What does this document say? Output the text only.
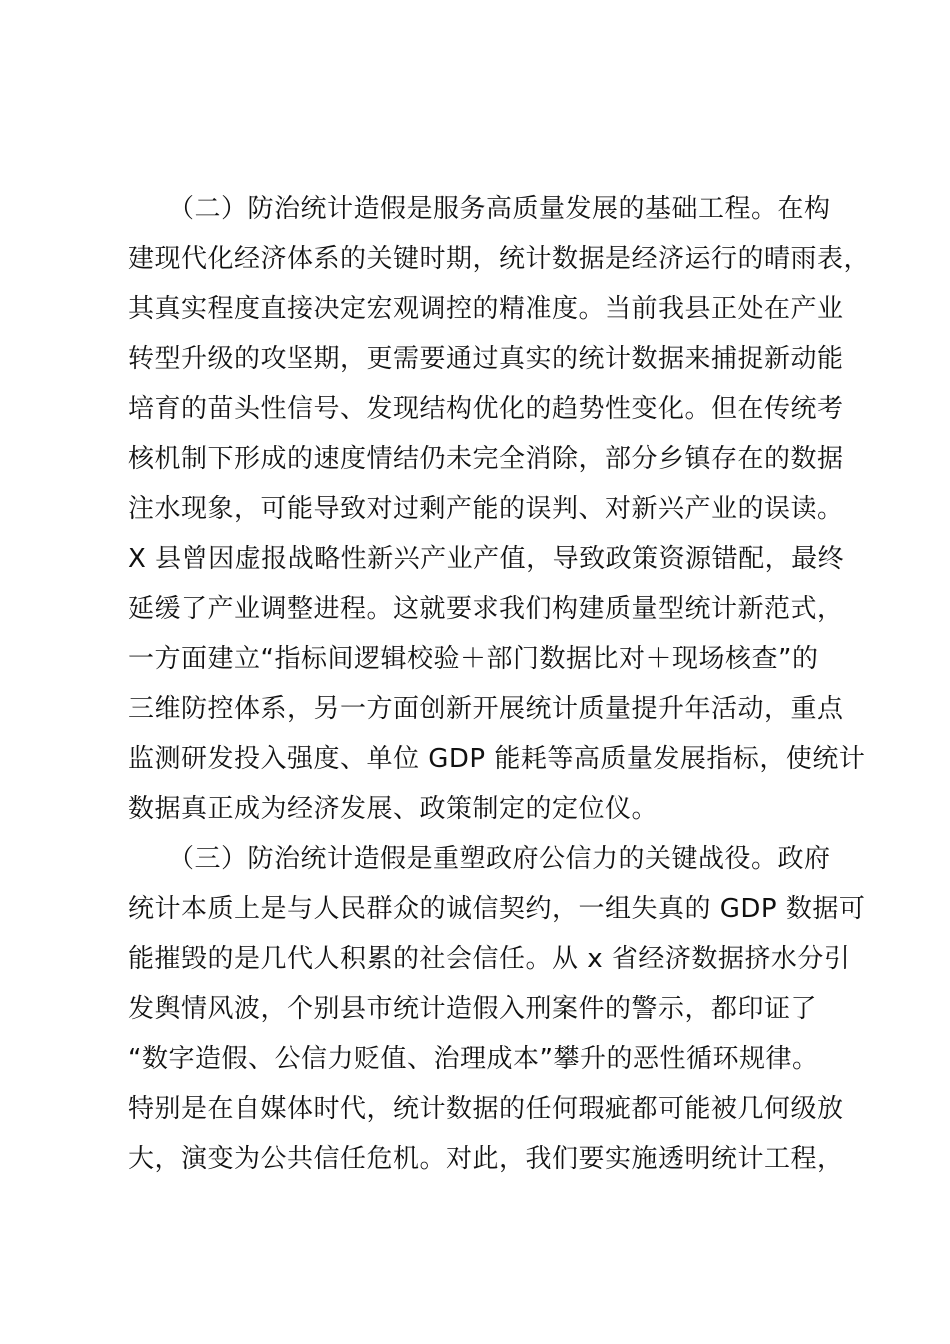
　　（二）防治统计造假是服务高质量发展的基础工程。在构
建现代化经济体系的关键时期，统计数据是经济运行的晴雨表，
其真实程度直接决定宏观调控的精准度。当前我县正处在产业
转型升级的攻坚期，更需要通过真实的统计数据来捕捉新动能
培育的苗头性信号、发现结构优化的趋势性变化。但在传统考
核机制下形成的速度情结仍未完全消除，部分乡镇存在的数据
注水现象，可能导致对过剩产能的误判、对新兴产业的误读。
X 县曾因虚报战略性新兴产业产值，导致政策资源错配，最终
延缓了产业调整进程。这就要求我们构建质量型统计新范式，
一方面建立“指标间逻辑校验＋部门数据比对＋现场核查”的
三维防控体系，另一方面创新开展统计质量提升年活动，重点
监测研发投入强度、单位 GDP 能耗等高质量发展指标，使统计
数据真正成为经济发展、政策制定的定位仪。
　　（三）防治统计造假是重塑政府公信力的关键战役。政府
统计本质上是与人民群众的诚信契约，一组失真的 GDP 数据可
能摧毁的是几代人积累的社会信任。从 x 省经济数据挤水分引
发舆情风波，个别县市统计造假入刑案件的警示，都印证了
“数字造假、公信力贬值、治理成本”攀升的恶性循环规律。
特别是在自媒体时代，统计数据的任何瑕疵都可能被几何级放
大，演变为公共信任危机。对此，我们要实施透明统计工程，
